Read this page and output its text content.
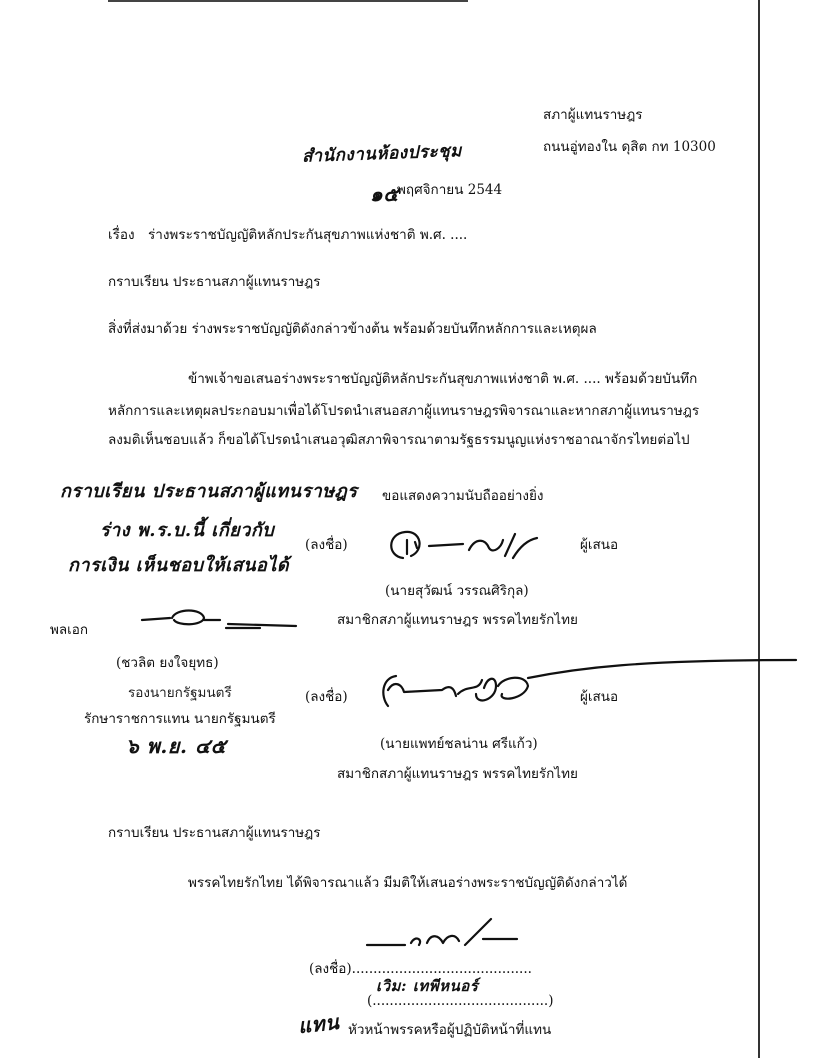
สภาผู้แทนราษฎร
ถนนอู่ทองใน ดุสิต กท 10300
สำนักงานห้องประชุม
๑๕
พฤศจิกายน 2544
เรื่อง ร่างพระราชบัญญัติหลักประกันสุขภาพแห่งชาติ พ.ศ. ....
กราบเรียน ประธานสภาผู้แทนราษฎร
สิ่งที่ส่งมาด้วย ร่างพระราชบัญญัติดังกล่าวข้างต้น พร้อมด้วยบันทึกหลักการและเหตุผล
ข้าพเจ้าขอเสนอร่างพระราชบัญญัติหลักประกันสุขภาพแห่งชาติ พ.ศ. .... พร้อมด้วยบันทึก
หลักการและเหตุผลประกอบมาเพื่อได้โปรดนำเสนอสภาผู้แทนราษฎรพิจารณาและหากสภาผู้แทนราษฎร
ลงมติเห็นชอบแล้ว ก็ขอได้โปรดนำเสนอวุฒิสภาพิจารณาตามรัฐธรรมนูญแห่งราชอาณาจักรไทยต่อไป
กราบเรียน ประธานสภาผู้แทนราษฎร
ร่าง พ.ร.บ.นี้ เกี่ยวกับ
การเงิน เห็นชอบให้เสนอได้
ขอแสดงความนับถืออย่างยิ่ง
(ลงชื่อ)	ผู้เสนอ
(นายสุวัฒน์ วรรณศิริกุล)
พลเอก
สมาชิกสภาผู้แทนราษฎร พรรคไทยรักไทย
(ชวลิต ยงใจยุทธ)
รองนายกรัฐมนตรี
รักษาราชการแทน นายกรัฐมนตรี
๖ พ.ย. ๔๕
(ลงชื่อ)	ผู้เสนอ
(นายแพทย์ชลน่าน ศรีแก้ว)
สมาชิกสภาผู้แทนราษฎร พรรคไทยรักไทย
กราบเรียน ประธานสภาผู้แทนราษฎร
พรรคไทยรักไทย ได้พิจารณาแล้ว มีมติให้เสนอร่างพระราชบัญญัติดังกล่าวได้
(ลงชื่อ)..........................................
เวิม: เทพีหนอร์
(.........................................)
แทน หัวหน้าพรรคหรือผู้ปฏิบัติหน้าที่แทน
